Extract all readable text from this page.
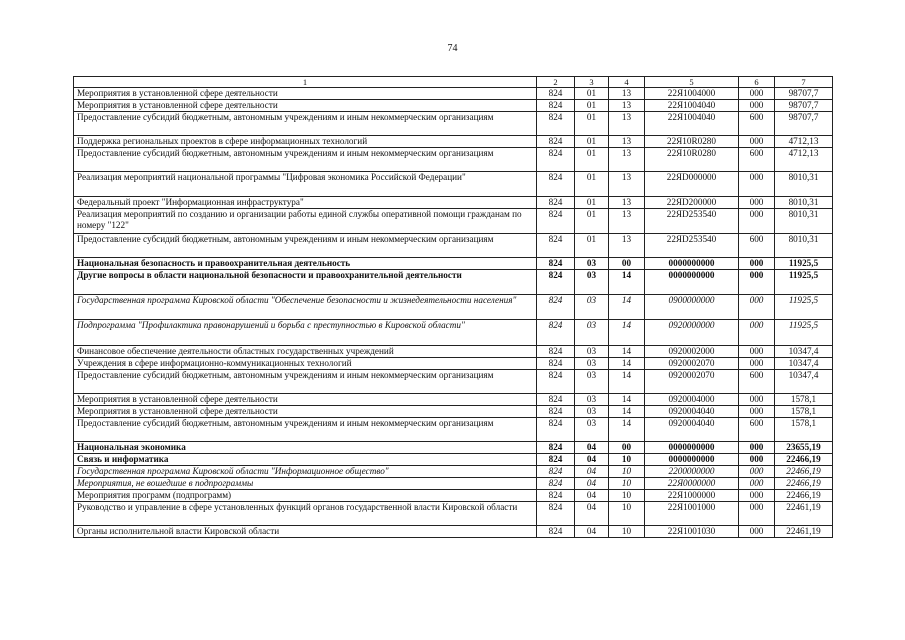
74
1	2	3	4	5	6	7
Мероприятия в установленной сфере деятельности	824	01	13	22Я1004000	000	98707,7
Мероприятия в установленной сфере деятельности	824	01	13	22Я1004040	000	98707,7
Предоставление субсидий бюджетным, автономным учреждениям и иным некоммерческим организациям	824	01	13	22Я1004040	600	98707,7
Поддержка региональных проектов в сфере информационных технологий	824	01	13	22Я10R0280	000	4712,13
Предоставление субсидий бюджетным, автономным учреждениям и иным некоммерческим организациям	824	01	13	22Я10R0280	600	4712,13
Реализация мероприятий национальной программы "Цифровая экономика Российской Федерации"	824	01	13	22ЯD000000	000	8010,31
Федеральный проект "Информационная инфраструктура"	824	01	13	22ЯD200000	000	8010,31
Реализация мероприятий по созданию и организации работы единой службы оперативной помощи гражданам по номеру "122"	824	01	13	22ЯD253540	000	8010,31
Предоставление субсидий бюджетным, автономным учреждениям и иным некоммерческим организациям	824	01	13	22ЯD253540	600	8010,31
Национальная безопасность и правоохранительная деятельность	824	03	00	0000000000	000	11925,5
Другие вопросы в области национальной безопасности и правоохранительной деятельности	824	03	14	0000000000	000	11925,5
Государственная программа Кировской области "Обеспечение безопасности и жизнедеятельности населения"	824	03	14	0900000000	000	11925,5
Подпрограмма "Профилактика правонарушений и борьба с преступностью в Кировской области"	824	03	14	0920000000	000	11925,5
Финансовое обеспечение деятельности областных государственных учреждений	824	03	14	0920002000	000	10347,4
Учреждения в сфере информационно-коммуникационных технологий	824	03	14	0920002070	000	10347,4
Предоставление субсидий бюджетным, автономным учреждениям и иным некоммерческим организациям	824	03	14	0920002070	600	10347,4
Мероприятия в установленной сфере деятельности	824	03	14	0920004000	000	1578,1
Мероприятия в установленной сфере деятельности	824	03	14	0920004040	000	1578,1
Предоставление субсидий бюджетным, автономным учреждениям и иным некоммерческим организациям	824	03	14	0920004040	600	1578,1
Национальная экономика	824	04	00	0000000000	000	23655,19
Связь и информатика	824	04	10	0000000000	000	22466,19
Государственная программа Кировской области "Информационное общество"	824	04	10	2200000000	000	22466,19
Мероприятия, не вошедшие в подпрограммы	824	04	10	22Я0000000	000	22466,19
Мероприятия программ (подпрограмм)	824	04	10	22Я1000000	000	22466,19
Руководство и управление в сфере установленных функций органов государственной власти Кировской области	824	04	10	22Я1001000	000	22461,19
Органы исполнительной власти Кировской области	824	04	10	22Я1001030	000	22461,19
